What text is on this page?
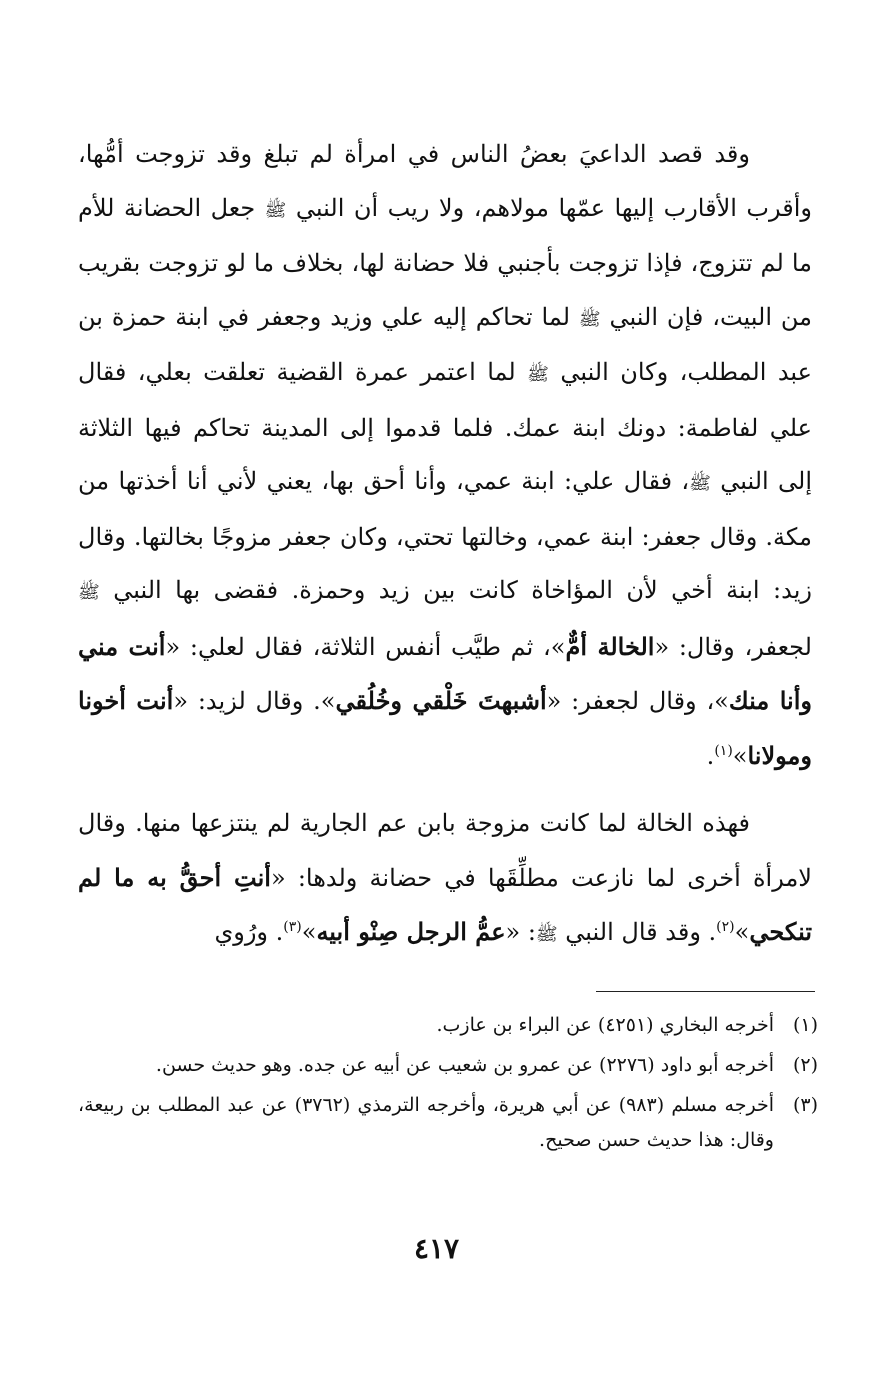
وقد قصد الداعيَ بعضُ الناس في امرأة لم تبلغ وقد تزوجت أمُّها، وأقرب الأقارب إليها عمّها مولاهم، ولا ريب أن النبي ﷺ جعل الحضانة للأم ما لم تتزوج، فإذا تزوجت بأجنبي فلا حضانة لها، بخلاف ما لو تزوجت بقريب من البيت، فإن النبي ﷺ لما تحاكم إليه علي وزيد وجعفر في ابنة حمزة بن عبد المطلب، وكان النبي ﷺ لما اعتمر عمرة القضية تعلقت بعلي، فقال علي لفاطمة: دونك ابنة عمك. فلما قدموا إلى المدينة تحاكم فيها الثلاثة إلى النبي ﷺ، فقال علي: ابنة عمي، وأنا أحق بها، يعني لأني أنا أخذتها من مكة. وقال جعفر: ابنة عمي، وخالتها تحتي، وكان جعفر مزوجًا بخالتها. وقال زيد: ابنة أخي لأن المؤاخاة كانت بين زيد وحمزة. فقضى بها النبي ﷺ لجعفر، وقال: «الخالة أمٌّ»، ثم طيَّب أنفس الثلاثة، فقال لعلي: «أنت مني وأنا منك»، وقال لجعفر: «أشبهتَ خَلْقي وخُلُقي». وقال لزيد: «أنت أخونا ومولانا»$^{(١)}$.

فهذه الخالة لما كانت مزوجة بابن عم الجارية لم ينتزعها منها. وقال لامرأة أخرى لما نازعت مطلِّقَها في حضانة ولدها: «أنتِ أحقُّ به ما لم تنكحي»$^{(٢)}$. وقد قال النبي ﷺ: «عمُّ الرجل صِنْو أبيه»$^{(٣)}$. ورُوي

(١)
أخرجه البخاري (٤٢٥١) عن البراء بن عازب.
(٢)
أخرجه أبو داود (٢٢٧٦) عن عمرو بن شعيب عن أبيه عن جده. وهو حديث حسن.
(٣)
أخرجه مسلم (٩٨٣) عن أبي هريرة، وأخرجه الترمذي (٣٧٦٢) عن عبد المطلب بن ربيعة، وقال: هذا حديث حسن صحيح.
٤١٧
